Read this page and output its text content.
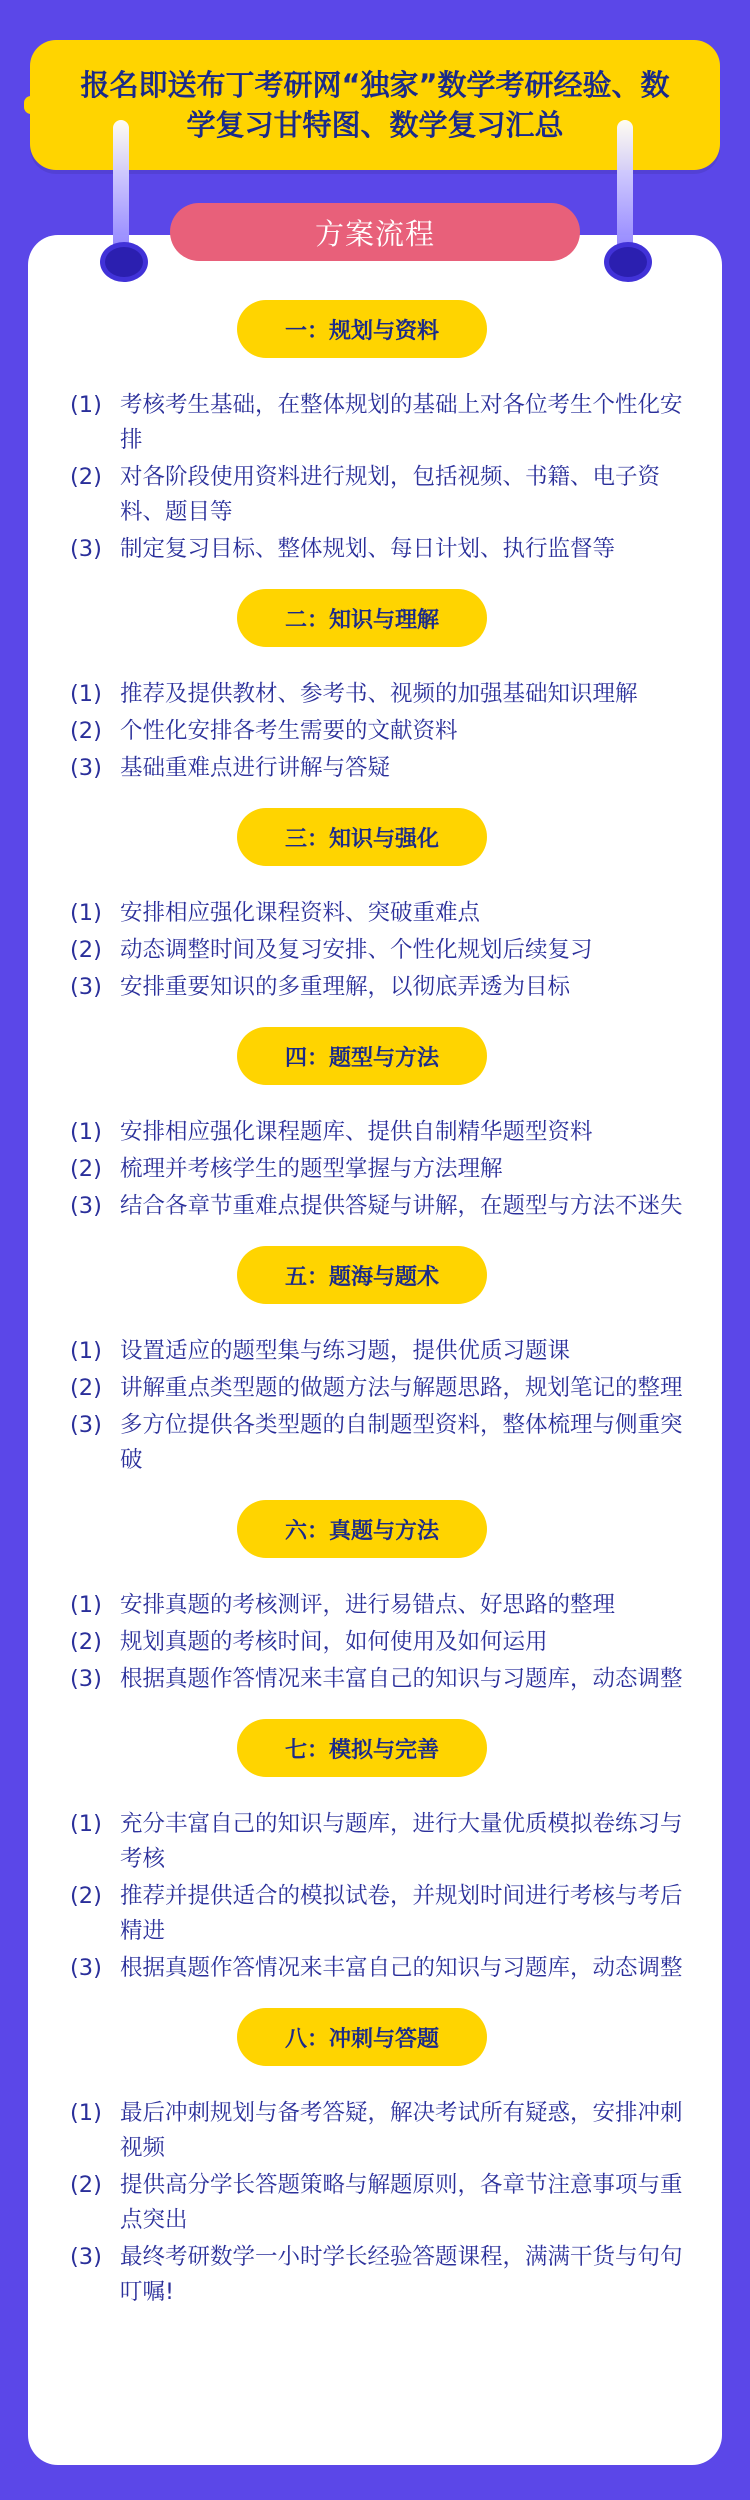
报名即送布丁考研网“独家”数学考研经验、数学复习甘特图、数学复习汇总
方案流程
一：规划与资料
(1) 考核考生基础，在整体规划的基础上对各位考生个性化安排
(2) 对各阶段使用资料进行规划，包括视频、书籍、电子资料、题目等
(3) 制定复习目标、整体规划、每日计划、执行监督等
二：知识与理解
(1) 推荐及提供教材、参考书、视频的加强基础知识理解
(2) 个性化安排各考生需要的文献资料
(3) 基础重难点进行讲解与答疑
三：知识与强化
(1) 安排相应强化课程资料、突破重难点
(2) 动态调整时间及复习安排、个性化规划后续复习
(3) 安排重要知识的多重理解，以彻底弄透为目标
四：题型与方法
(1) 安排相应强化课程题库、提供自制精华题型资料
(2) 梳理并考核学生的题型掌握与方法理解
(3) 结合各章节重难点提供答疑与讲解，在题型与方法不迷失
五：题海与题术
(1) 设置适应的题型集与练习题，提供优质习题课
(2) 讲解重点类型题的做题方法与解题思路，规划笔记的整理
(3) 多方位提供各类型题的自制题型资料，整体梳理与侧重突破
六：真题与方法
(1) 安排真题的考核测评，进行易错点、好思路的整理
(2) 规划真题的考核时间，如何使用及如何运用
(3) 根据真题作答情况来丰富自己的知识与习题库，动态调整
七：模拟与完善
(1) 充分丰富自己的知识与题库，进行大量优质模拟卷练习与考核
(2) 推荐并提供适合的模拟试卷，并规划时间进行考核与考后精进
(3) 根据真题作答情况来丰富自己的知识与习题库，动态调整
八：冲刺与答题
(1) 最后冲刺规划与备考答疑，解决考试所有疑惑，安排冲刺视频
(2) 提供高分学长答题策略与解题原则，各章节注意事项与重点突出
(3) 最终考研数学一小时学长经验答题课程，满满干货与句句叮嘱!
